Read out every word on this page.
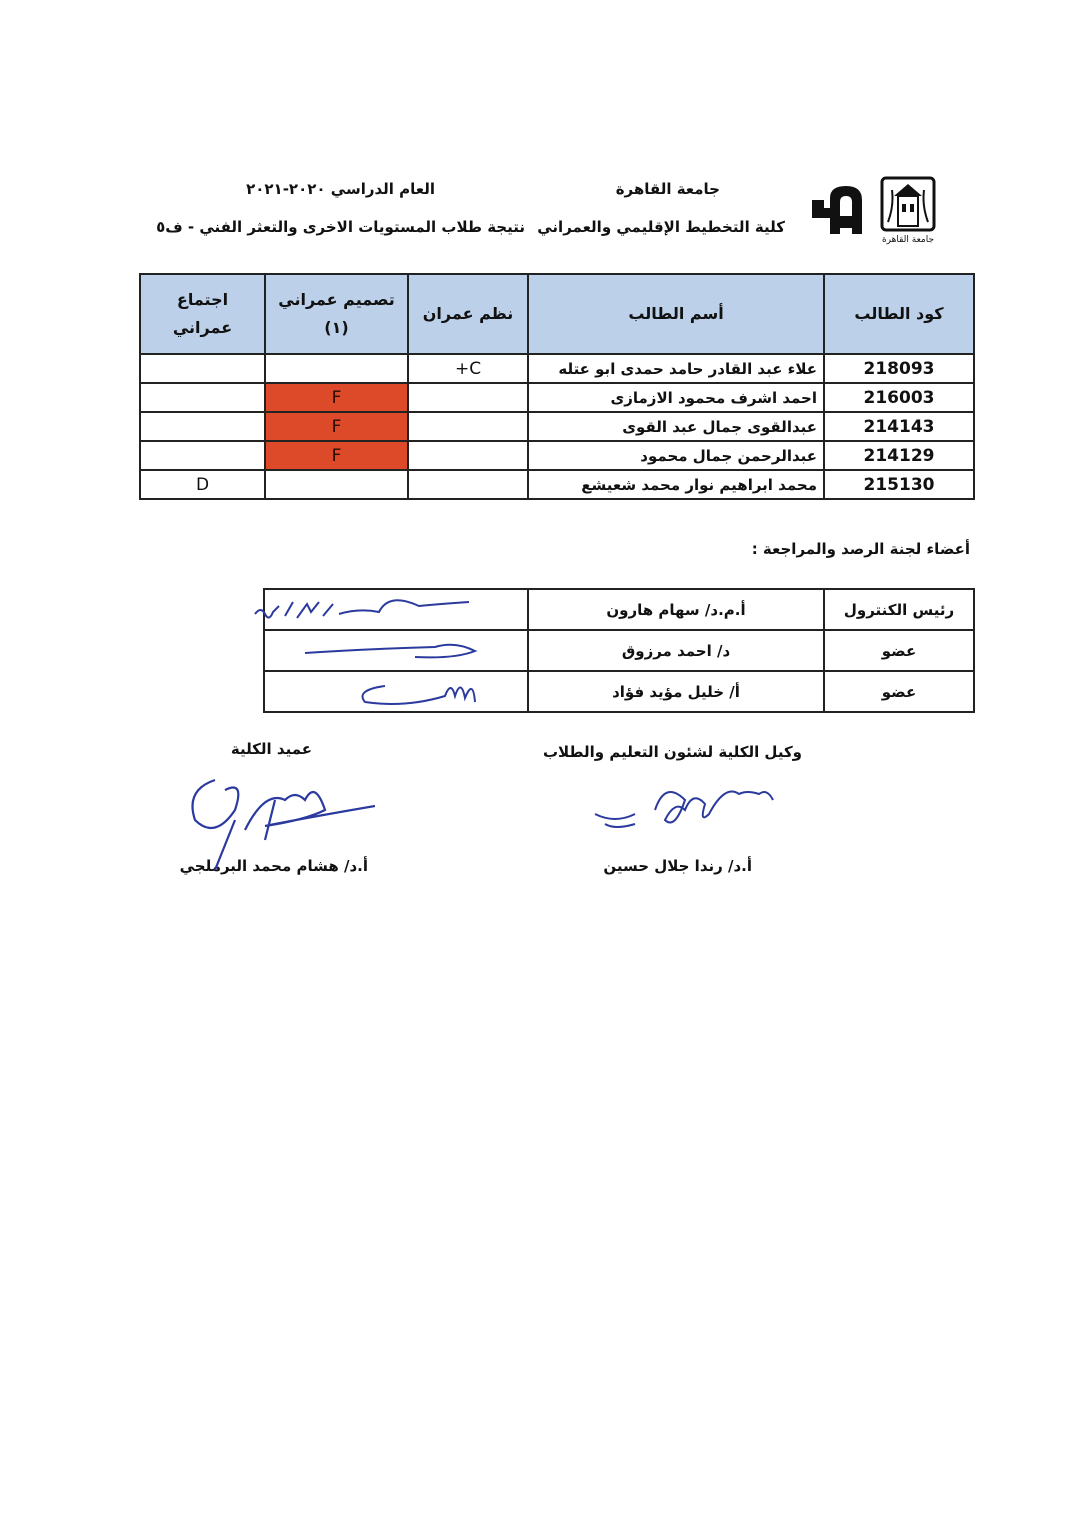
جامعة القاهرة
كلية التخطيط الإقليمي والعمراني
العام الدراسي ٢٠٢٠-٢٠٢١
نتيجة طلاب المستويات الاخرى والتعثر الفني - ف٥
جامعة القاهرة
كود الطالب	أسم الطالب	نظم عمران	تصميم عمراني (١)	اجتماع عمراني
218093	علاء عبد القادر حامد حمدى ابو عتله	C+		
216003	احمد اشرف محمود الازمازى		F	
214143	عبدالقوى جمال عبد القوى		F	
214129	عبدالرحمن جمال محمود		F	
215130	محمد ابراهيم نوار محمد شعيشع			D
أعضاء لجنة الرصد والمراجعة :
رئيس الكنترول	أ.م.د/ سهام هارون	

عضو	د/ احمد مرزوق	

عضو	أ/ خليل مؤيد فؤاد	
وكيل الكلية لشئون التعليم والطلاب
أ.د/ رندا جلال حسين
عميد الكلية
أ.د/ هشام محمد البرملجي
